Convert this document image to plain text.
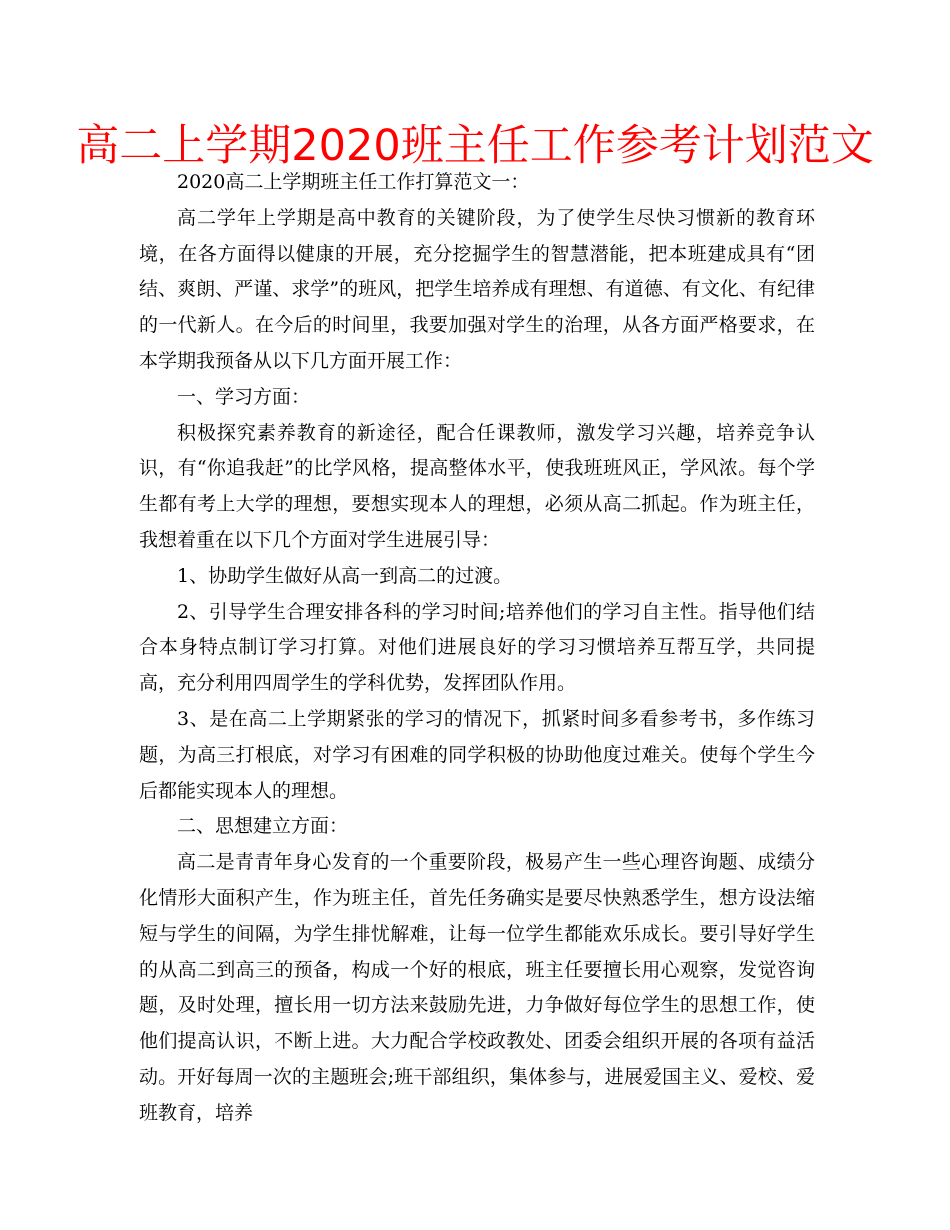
高二上学期2020班主任工作参考计划范文

2020高二上学期班主任工作打算范文一：

高二学年上学期是高中教育的关键阶段，为了使学生尽快习惯新的教育环境，在各方面得以健康的开展，充分挖掘学生的智慧潜能，把本班建成具有“团结、爽朗、严谨、求学”的班风，把学生培养成有理想、有道德、有文化、有纪律的一代新人。在今后的时间里，我要加强对学生的治理，从各方面严格要求，在本学期我预备从以下几方面开展工作：

一、学习方面：

积极探究素养教育的新途径，配合任课教师，激发学习兴趣，培养竞争认识，有“你追我赶”的比学风格，提高整体水平，使我班班风正，学风浓。每个学生都有考上大学的理想，要想实现本人的理想，必须从高二抓起。作为班主任，我想着重在以下几个方面对学生进展引导：

1、协助学生做好从高一到高二的过渡。

2、引导学生合理安排各科的学习时间;培养他们的学习自主性。指导他们结合本身特点制订学习打算。对他们进展良好的学习习惯培养互帮互学，共同提高，充分利用四周学生的学科优势，发挥团队作用。

3、是在高二上学期紧张的学习的情况下，抓紧时间多看参考书，多作练习题，为高三打根底，对学习有困难的同学积极的协助他度过难关。使每个学生今后都能实现本人的理想。

二、思想建立方面：

高二是青青年身心发育的一个重要阶段，极易产生一些心理咨询题、成绩分化情形大面积产生，作为班主任，首先任务确实是要尽快熟悉学生，想方设法缩短与学生的间隔，为学生排忧解难，让每一位学生都能欢乐成长。要引导好学生的从高二到高三的预备，构成一个好的根底，班主任要擅长用心观察，发觉咨询题，及时处理，擅长用一切方法来鼓励先进，力争做好每位学生的思想工作，使他们提高认识，不断上进。大力配合学校政教处、团委会组织开展的各项有益活动。开好每周一次的主题班会;班干部组织，集体参与，进展爱国主义、爱校、爱班教育，培养
